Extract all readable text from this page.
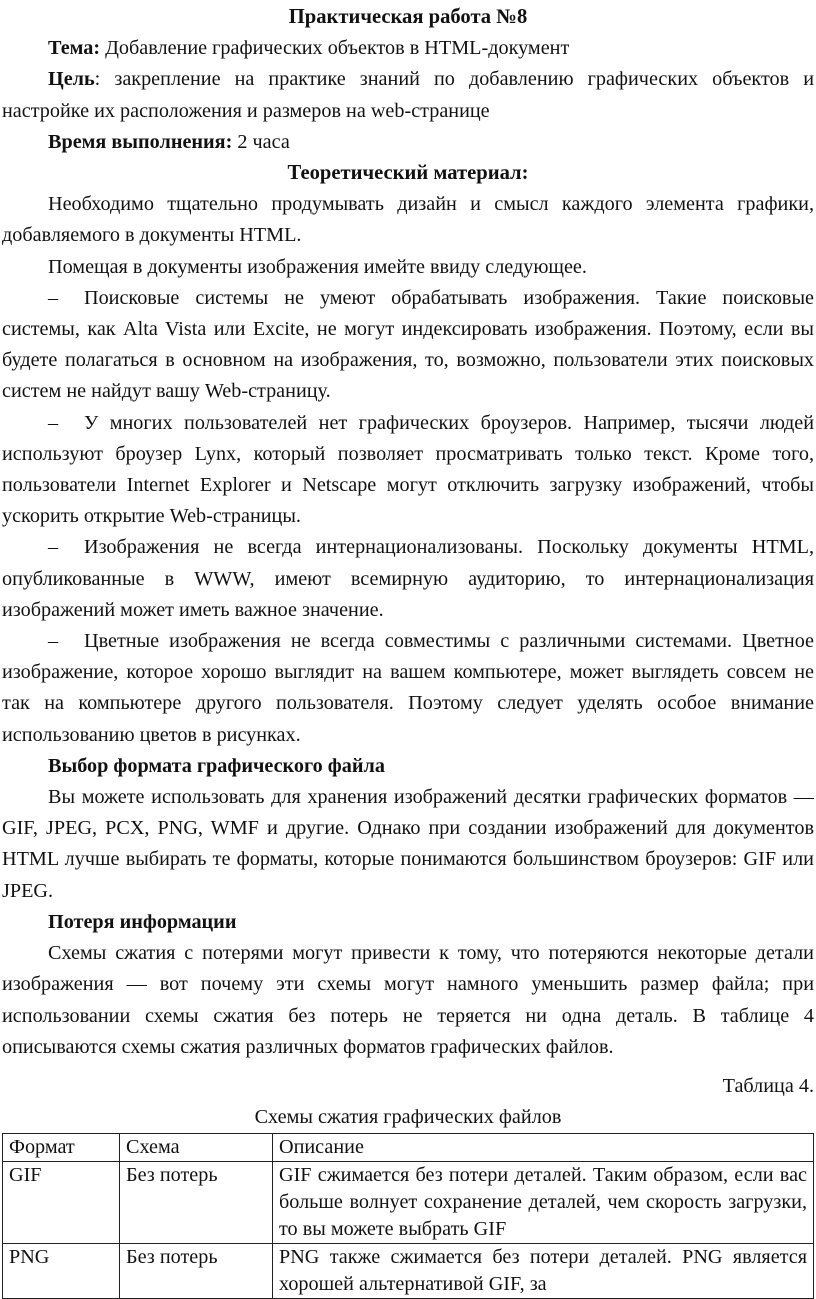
Практическая работа №8

Тема: Добавление графических объектов в HTML-документ

Цель: закрепление на практике знаний по добавлению графических объектов и настройке их расположения и размеров на web-странице

Время выполнения: 2 часа

Теоретический материал:

Необходимо тщательно продумывать дизайн и смысл каждого элемента графики, добавляемого в документы HTML.

Помещая в документы изображения имейте ввиду следующее.

– Поисковые системы не умеют обрабатывать изображения. Такие поисковые системы, как Alta Vista или Excite, не могут индексировать изображения. Поэтому, если вы будете полагаться в основном на изображения, то, возможно, пользователи этих поисковых систем не найдут вашу Web-страницу.

– У многих пользователей нет графических броузеров. Например, тысячи людей используют броузер Lynx, который позволяет просматривать только текст. Кроме того, пользователи Internet Explorer и Netscape могут отключить загрузку изображений, чтобы ускорить открытие Web-страницы.

– Изображения не всегда интернационализованы. Поскольку документы HTML, опубликованные в WWW, имеют всемирную аудиторию, то интернационализация изображений может иметь важное значение.

– Цветные изображения не всегда совместимы с различными системами. Цветное изображение, которое хорошо выглядит на вашем компьютере, может выглядеть совсем не так на компьютере другого пользователя. Поэтому следует уделять особое внимание использованию цветов в рисунках.

Выбор формата графического файла

Вы можете использовать для хранения изображений десятки графических форматов — GIF, JPEG, PCX, PNG, WMF и другие. Однако при создании изображений для документов HTML лучше выбирать те форматы, которые понимаются большинством броузеров: GIF или JPEG.

Потеря информации

Схемы сжатия с потерями могут привести к тому, что потеряются некоторые детали изображения — вот почему эти схемы могут намного уменьшить размер файла; при использовании схемы сжатия без потерь не теряется ни одна деталь. В таблице 4 описываются схемы сжатия различных форматов графических файлов.

Таблица 4.

Схемы сжатия графических файлов

Формат	Схема	Описание
GIF	Без потерь	GIF сжимается без потери деталей. Таким образом, если вас больше волнует сохранение деталей, чем скорость загрузки, то вы можете выбрать GIF
PNG	Без потерь	PNG также сжимается без потери деталей. PNG является хорошей альтернативой GIF, за
